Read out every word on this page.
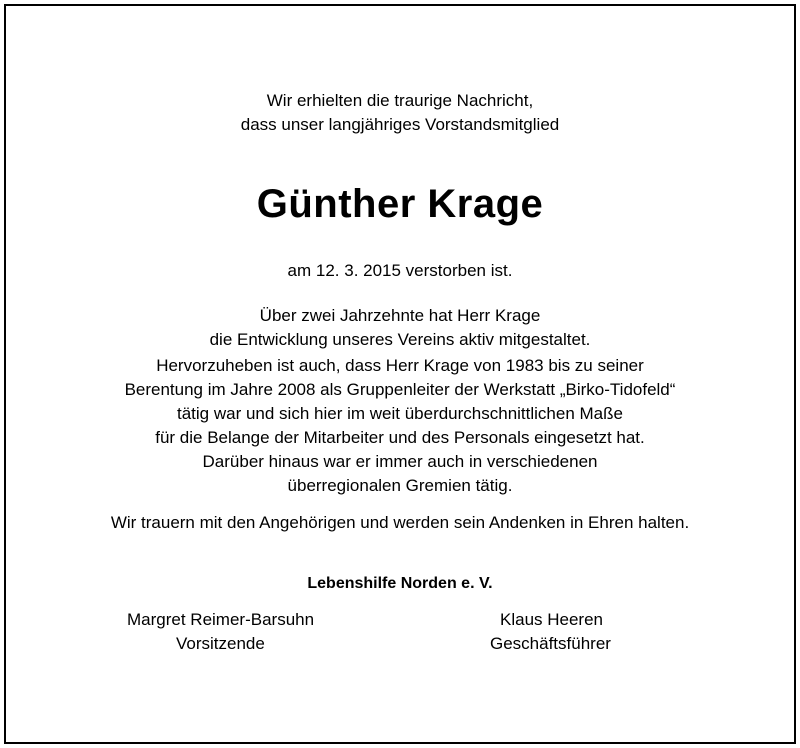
Wir erhielten die traurige Nachricht,
dass unser langjähriges Vorstandsmitglied
Günther Krage
am 12. 3. 2015 verstorben ist.
Über zwei Jahrzehnte hat Herr Krage
die Entwicklung unseres Vereins aktiv mitgestaltet.
Hervorzuheben ist auch, dass Herr Krage von 1983 bis zu seiner
Berentung im Jahre 2008 als Gruppenleiter der Werkstatt „Birko-Tidofeld“
tätig war und sich hier im weit überdurchschnittlichen Maße
für die Belange der Mitarbeiter und des Personals eingesetzt hat.
Darüber hinaus war er immer auch in verschiedenen
überregionalen Gremien tätig.
Wir trauern mit den Angehörigen und werden sein Andenken in Ehren halten.
Lebenshilfe Norden e. V.
Margret Reimer-Barsuhn
Vorsitzende
Klaus Heeren
Geschäftsführer
